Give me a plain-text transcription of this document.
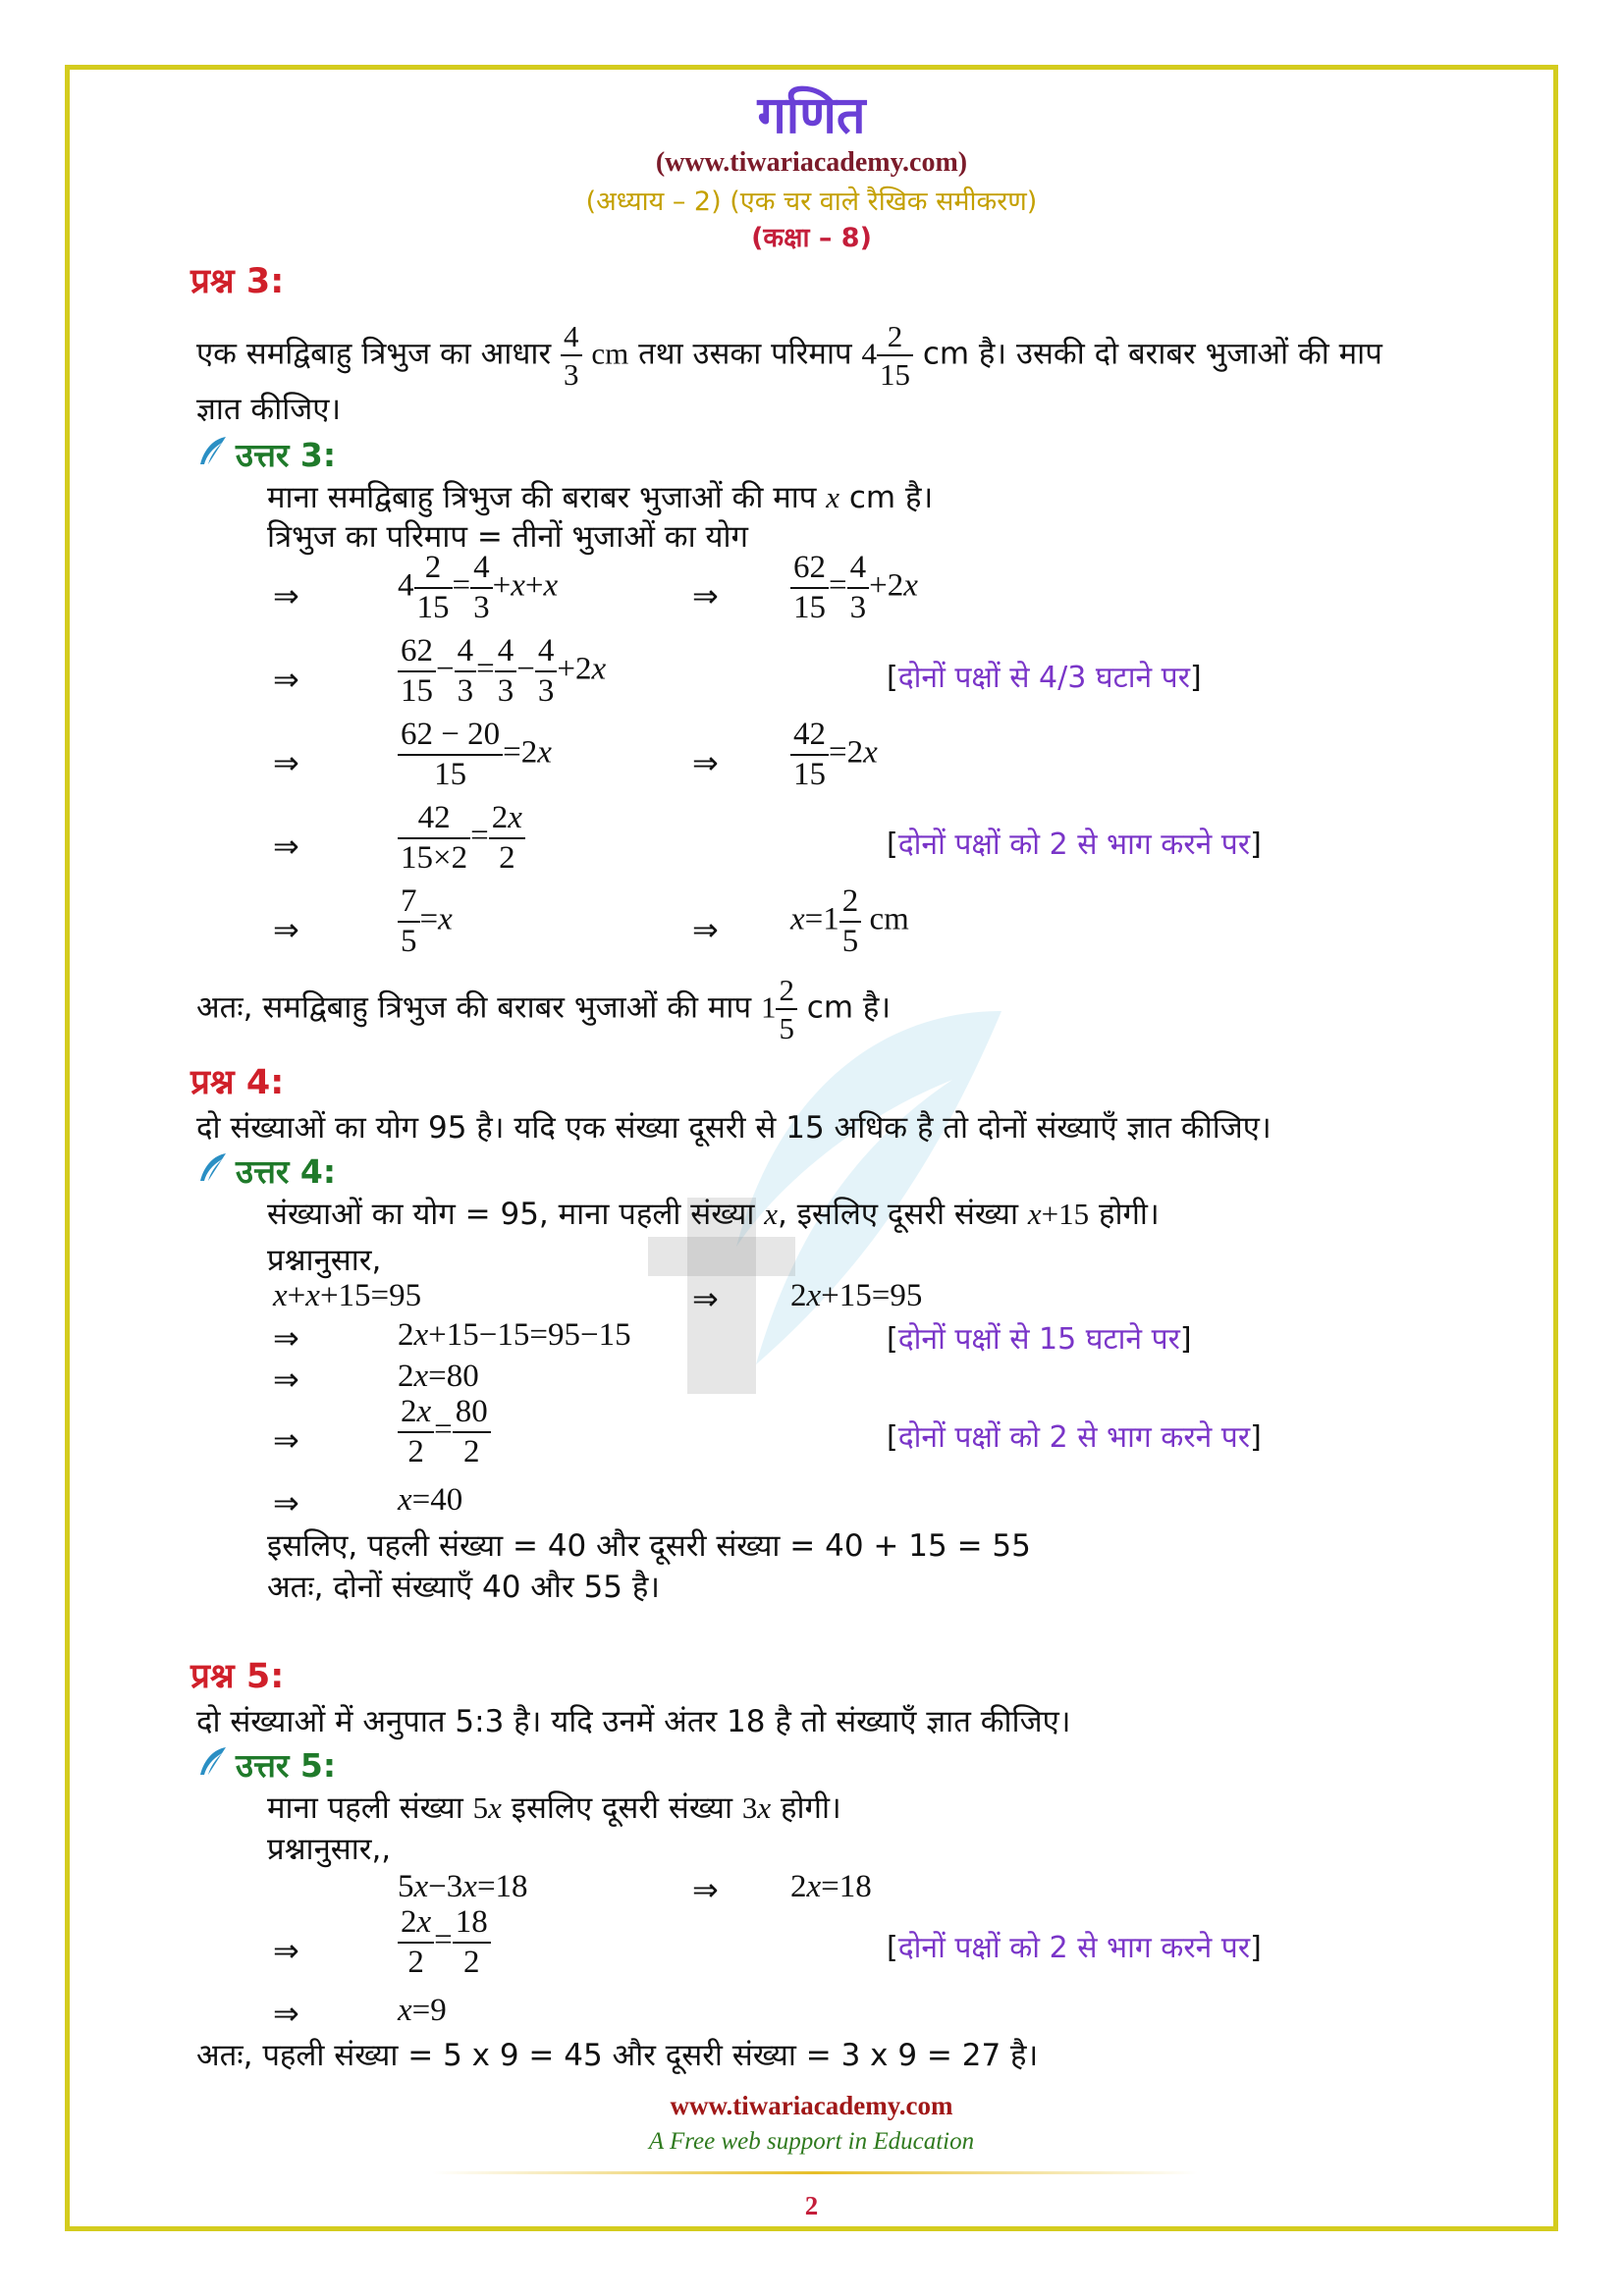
गणित
(www.tiwariacademy.com)
(अध्याय – 2) (एक चर वाले रैखिक समीकरण)
(कक्षा – 8)
प्रश्न 3:
एक समद्विबाहु त्रिभुज का आधार $\frac{4}{3}$ cm तथा उसका परिमाप $4 \frac{2}{15}$ cm है। उसकी दो बराबर भुजाओं की माप
ज्ञात कीजिए।
उत्तर 3:
माना समद्विबाहु त्रिभुज की बराबर भुजाओं की माप x cm है।
त्रिभुज का परिमाप = तीनों भुजाओं का योग
⇒	$4 \frac{2}{15} = \frac{4}{3} +x+x$	⇒ $\frac{62}{15} = \frac{4}{3} +2x$
⇒	$\frac{62}{15} - \frac{4}{3} = \frac{4}{3} - \frac{4}{3} +2x$	[दोनों पक्षों से 4/3 घटाने पर]
⇒	$\frac{62 - 20}{15} =2x$	⇒ $\frac{42}{15} =2x$
⇒	$\frac{42}{15\times 2} = \frac{2x}{2}$	[दोनों पक्षों को 2 से भाग करने पर]
⇒	$\frac{7}{5} =x$	⇒ $x=1 \frac{2}{5}$ cm
अतः, समद्विबाहु त्रिभुज की बराबर भुजाओं की माप $1 \frac{2}{5}$ cm है।
प्रश्न 4:
दो संख्याओं का योग 95 है। यदि एक संख्या दूसरी से 15 अधिक है तो दोनों संख्याएँ ज्ञात कीजिए।
उत्तर 4:
संख्याओं का योग = 95, माना पहली संख्या x, इसलिए दूसरी संख्या x+15 होगी।
प्रश्नानुसार,
x+x+15=95	⇒ 2x+15=95
⇒	2x+15−15=95−15	[दोनों पक्षों से 15 घटाने पर]
⇒	2x=80
⇒	$\frac{2x}{2} = \frac{80}{2}$	[दोनों पक्षों को 2 से भाग करने पर]
⇒	x=40
इसलिए, पहली संख्या = 40 और दूसरी संख्या = 40 + 15 = 55
अतः, दोनों संख्याएँ 40 और 55 है।
प्रश्न 5:
दो संख्याओं में अनुपात 5:3 है। यदि उनमें अंतर 18 है तो संख्याएँ ज्ञात कीजिए।
उत्तर 5:
माना पहली संख्या 5x इसलिए दूसरी संख्या 3x होगी।
प्रश्नानुसार,,
5x−3x=18	⇒ 2x=18
⇒	$\frac{2x}{2} = \frac{18}{2}$	[दोनों पक्षों को 2 से भाग करने पर]
⇒	x=9
अतः, पहली संख्या = 5 x 9 = 45 और दूसरी संख्या = 3 x 9 = 27 है।
www.tiwariacademy.com
A Free web support in Education
2
